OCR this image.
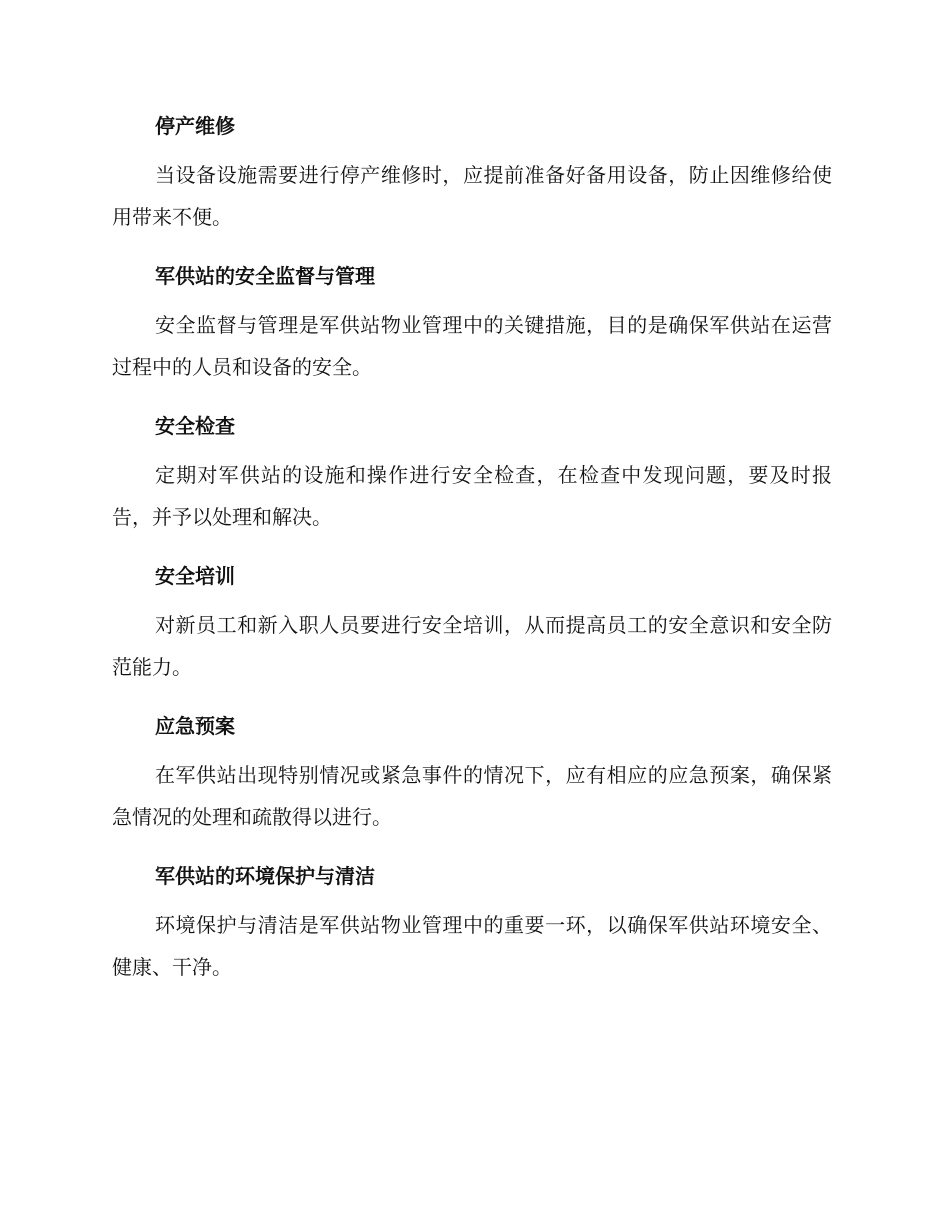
停产维修

当设备设施需要进行停产维修时，应提前准备好备用设备，防止因维修给使用带来不便。

军供站的安全监督与管理

安全监督与管理是军供站物业管理中的关键措施，目的是确保军供站在运营过程中的人员和设备的安全。

安全检查

定期对军供站的设施和操作进行安全检查，在检查中发现问题，要及时报告，并予以处理和解决。

安全培训

对新员工和新入职人员要进行安全培训，从而提高员工的安全意识和安全防范能力。

应急预案

在军供站出现特别情况或紧急事件的情况下，应有相应的应急预案，确保紧急情况的处理和疏散得以进行。

军供站的环境保护与清洁

环境保护与清洁是军供站物业管理中的重要一环，以确保军供站环境安全、健康、干净。
